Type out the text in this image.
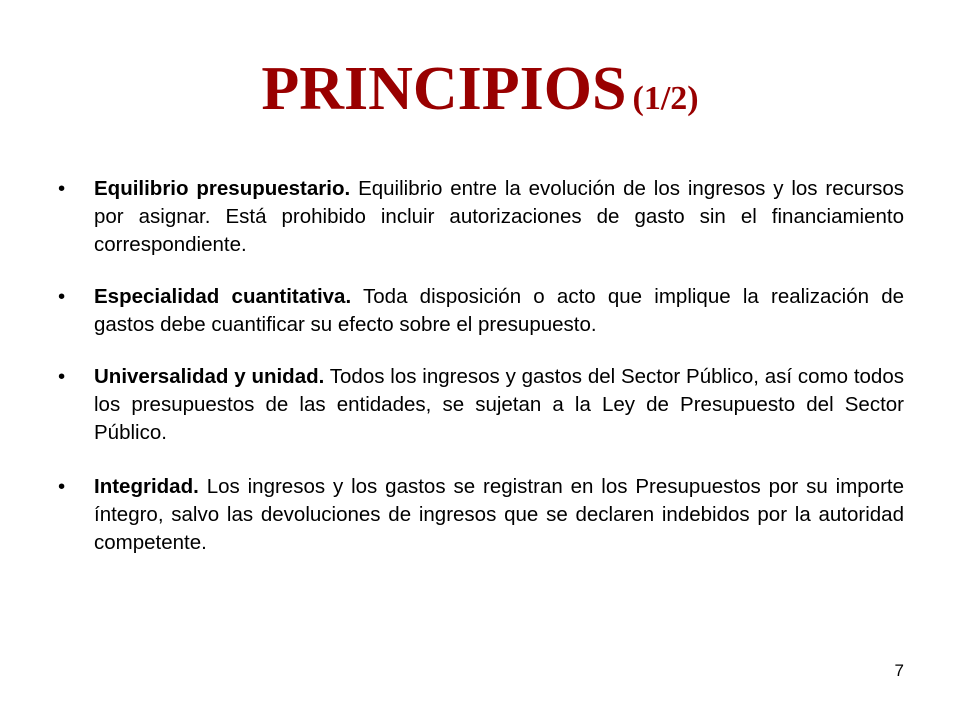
PRINCIPIOS (1/2)
•	Equilibrio presupuestario. Equilibrio entre la evolución de los ingresos y los recursos por asignar. Está prohibido incluir autorizaciones de gasto sin el financiamiento correspondiente.
•	Especialidad cuantitativa. Toda disposición o acto que implique la realización de gastos debe cuantificar su efecto sobre el presupuesto.
•	Universalidad y unidad. Todos los ingresos y gastos del Sector Público, así como todos los presupuestos de las entidades, se sujetan a la Ley de Presupuesto del Sector Público.
•	Integridad. Los ingresos y los gastos se registran en los Presupuestos por su importe íntegro, salvo las devoluciones de ingresos que se declaren indebidos por la autoridad competente.
7
